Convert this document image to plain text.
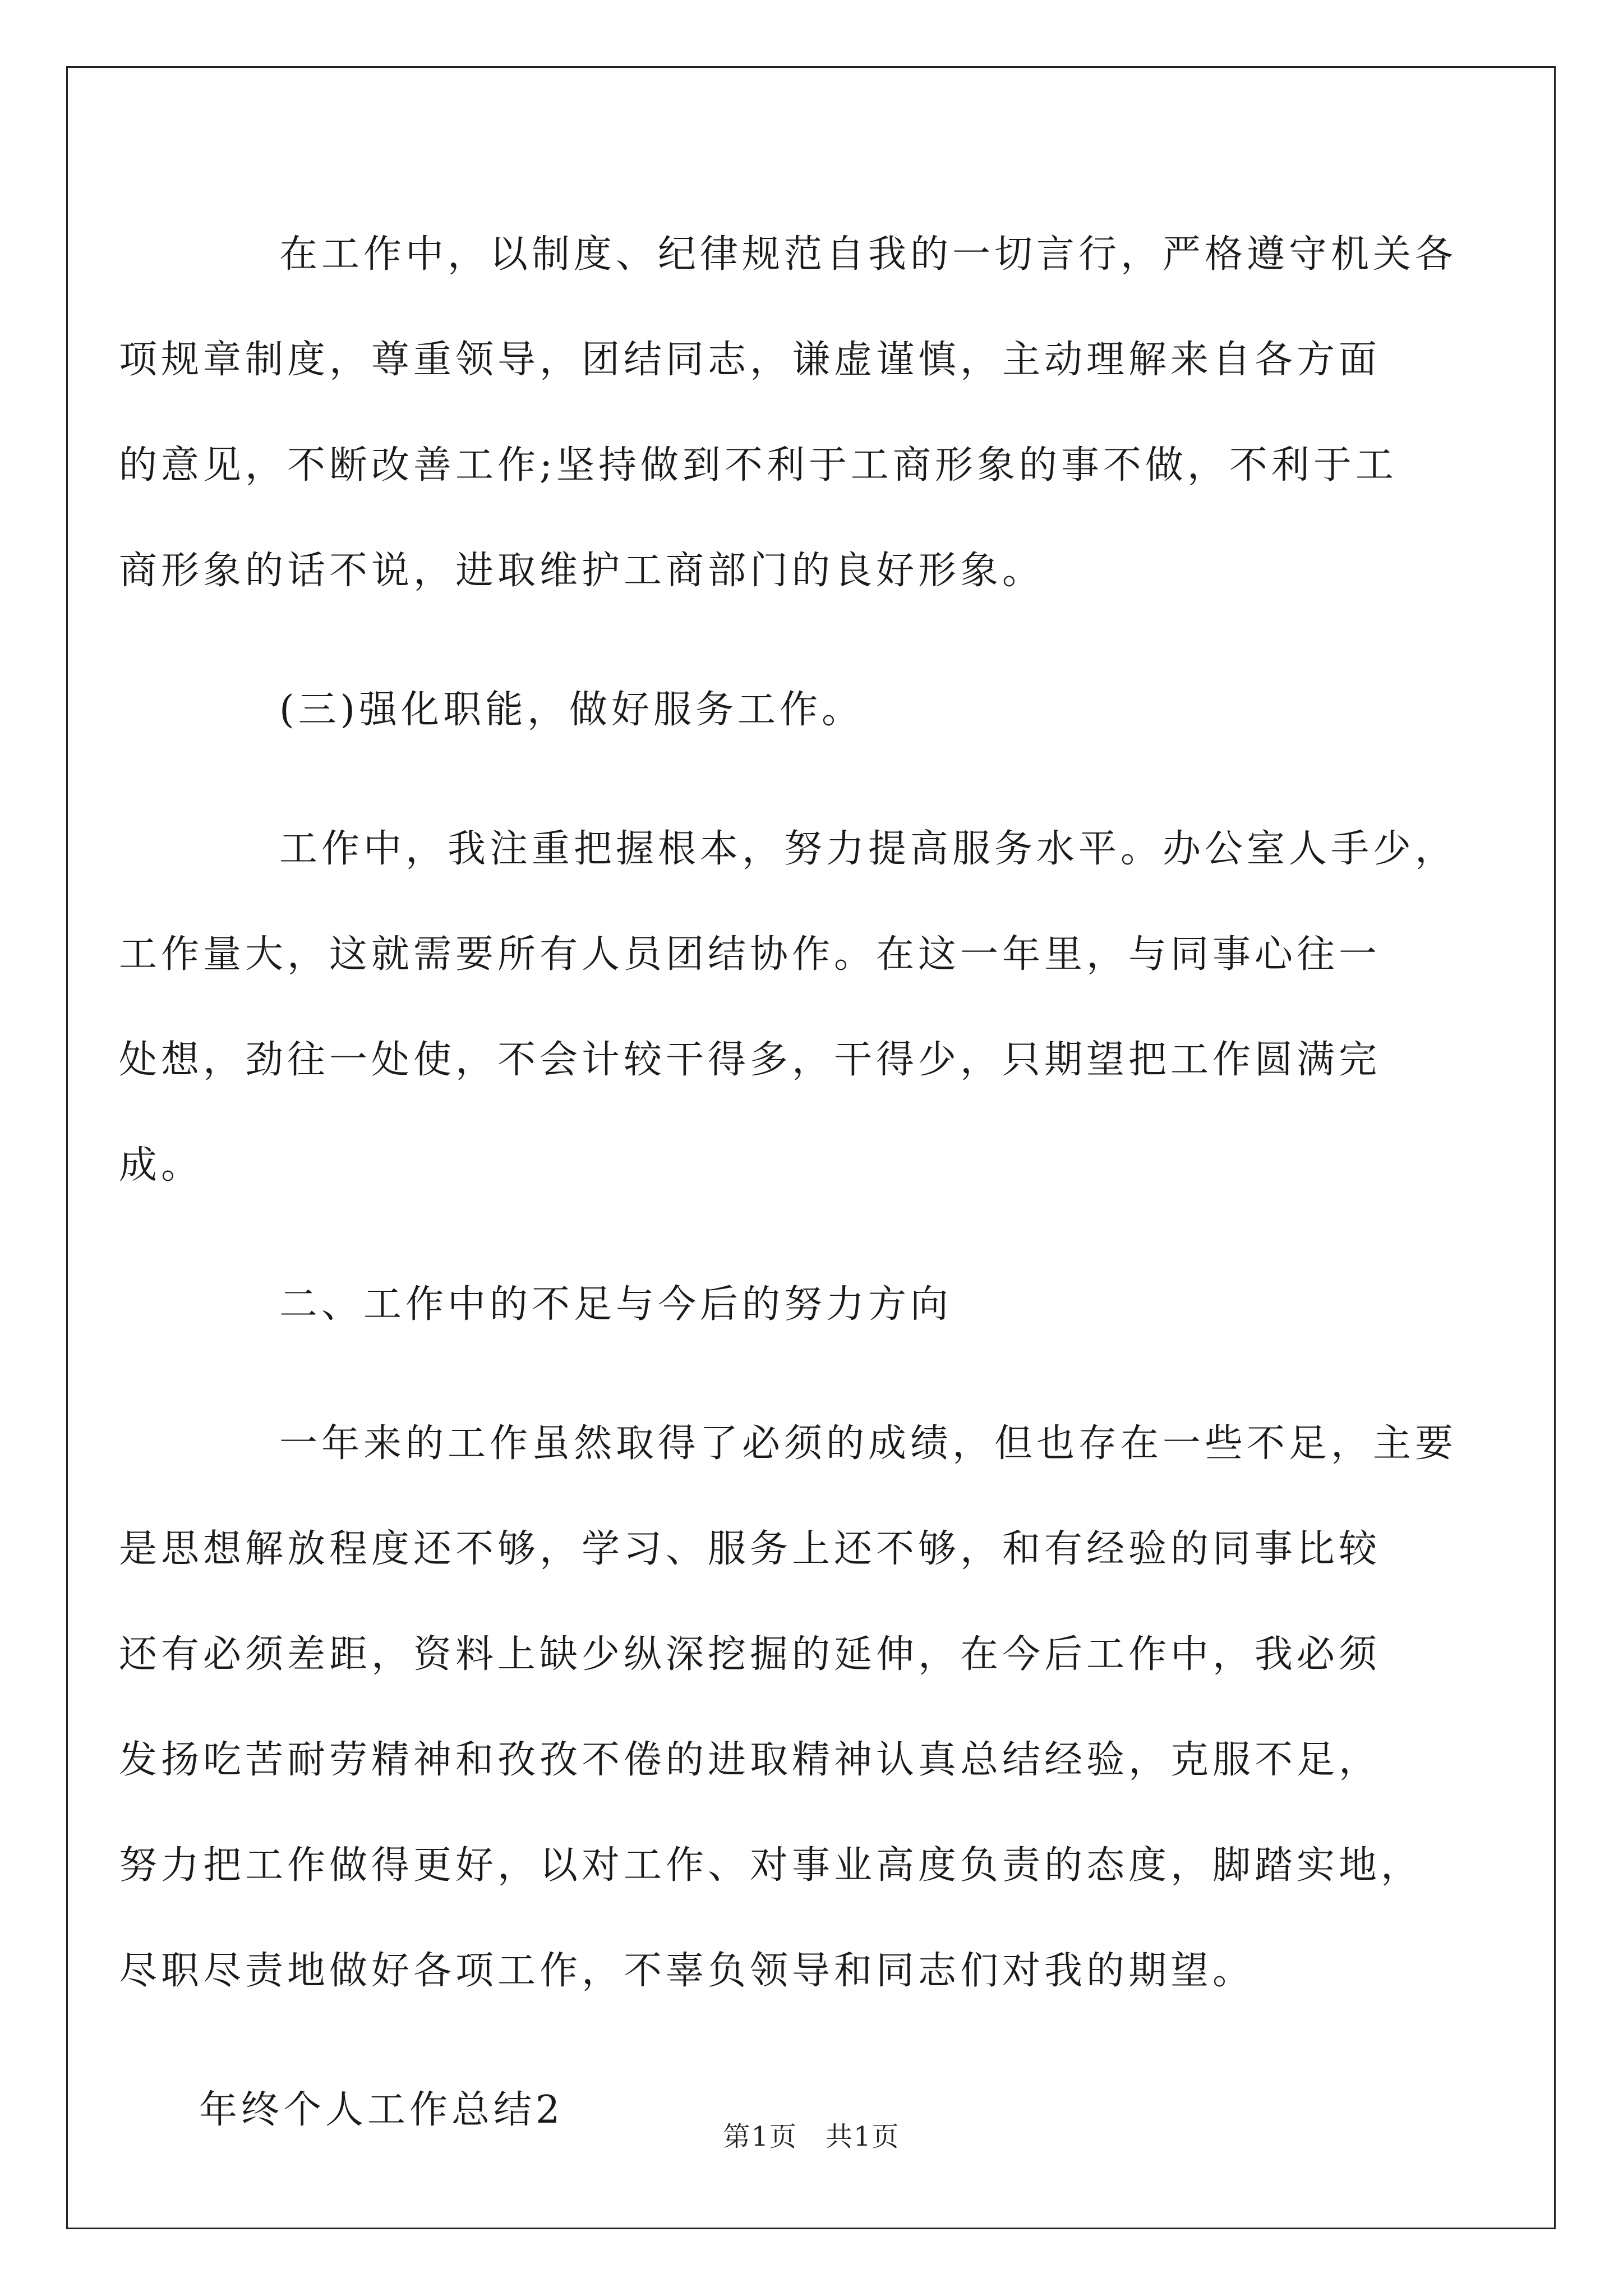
在工作中，以制度、纪律规范自我的一切言行，严格遵守机关各
项规章制度，尊重领导，团结同志，谦虚谨慎，主动理解来自各方面
的意见，不断改善工作;坚持做到不利于工商形象的事不做，不利于工
商形象的话不说，进取维护工商部门的良好形象。

(三)强化职能，做好服务工作。

工作中，我注重把握根本，努力提高服务水平。办公室人手少，
工作量大，这就需要所有人员团结协作。在这一年里，与同事心往一
处想，劲往一处使，不会计较干得多，干得少，只期望把工作圆满完
成。

二、工作中的不足与今后的努力方向

一年来的工作虽然取得了必须的成绩，但也存在一些不足，主要
是思想解放程度还不够，学习、服务上还不够，和有经验的同事比较
还有必须差距，资料上缺少纵深挖掘的延伸，在今后工作中，我必须
发扬吃苦耐劳精神和孜孜不倦的进取精神认真总结经验，克服不足，
努力把工作做得更好，以对工作、对事业高度负责的态度，脚踏实地，
尽职尽责地做好各项工作，不辜负领导和同志们对我的期望。

年终个人工作总结2

第1页　共1页
